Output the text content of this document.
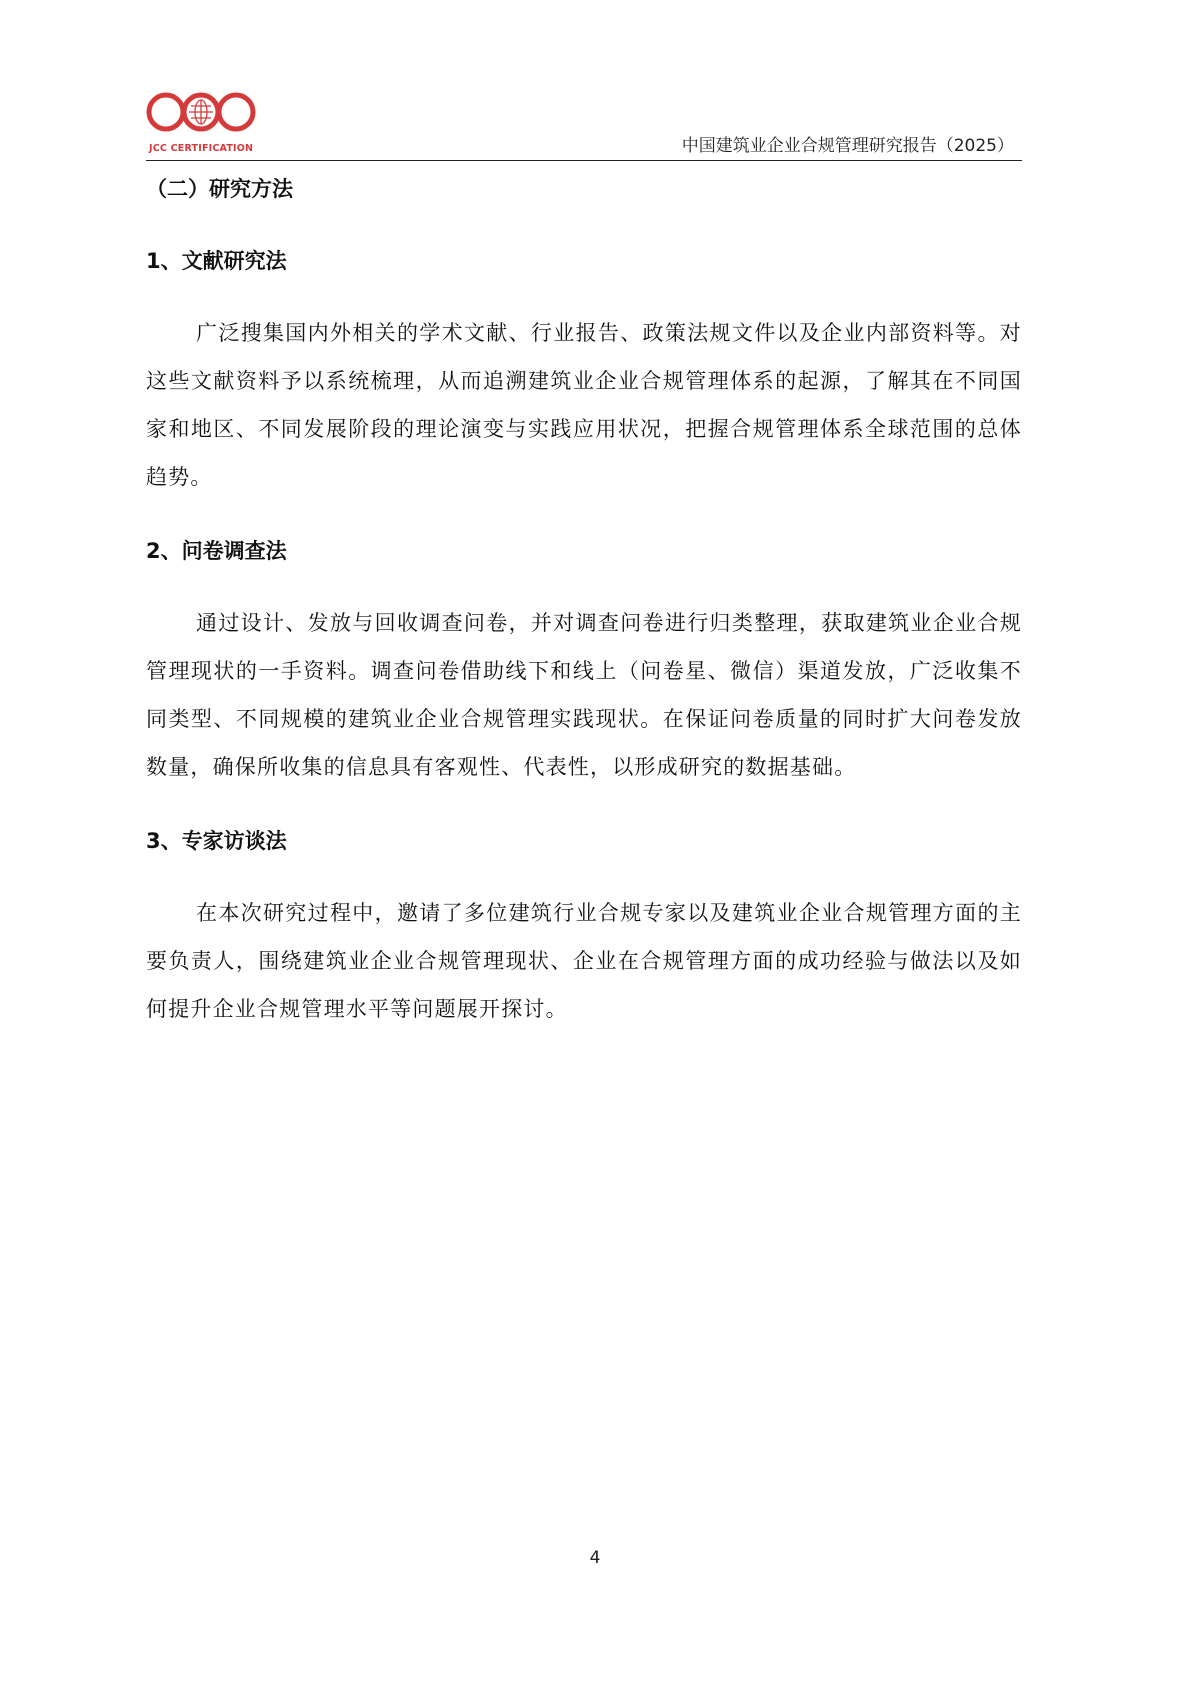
JCC CERTIFICATION	中国建筑业企业合规管理研究报告（2025）
（二）研究方法
1、文献研究法

广泛搜集国内外相关的学术文献、行业报告、政策法规文件以及企业内部资料等。对这些文献资料予以系统梳理，从而追溯建筑业企业合规管理体系的起源，了解其在不同国家和地区、不同发展阶段的理论演变与实践应用状况，把握合规管理体系全球范围的总体趋势。

2、问卷调查法

通过设计、发放与回收调查问卷，并对调查问卷进行归类整理，获取建筑业企业合规管理现状的一手资料。调查问卷借助线下和线上（问卷星、微信）渠道发放，广泛收集不同类型、不同规模的建筑业企业合规管理实践现状。在保证问卷质量的同时扩大问卷发放数量，确保所收集的信息具有客观性、代表性，以形成研究的数据基础。

3、专家访谈法

在本次研究过程中，邀请了多位建筑行业合规专家以及建筑业企业合规管理方面的主要负责人，围绕建筑业企业合规管理现状、企业在合规管理方面的成功经验与做法以及如何提升企业合规管理水平等问题展开探讨。

4
